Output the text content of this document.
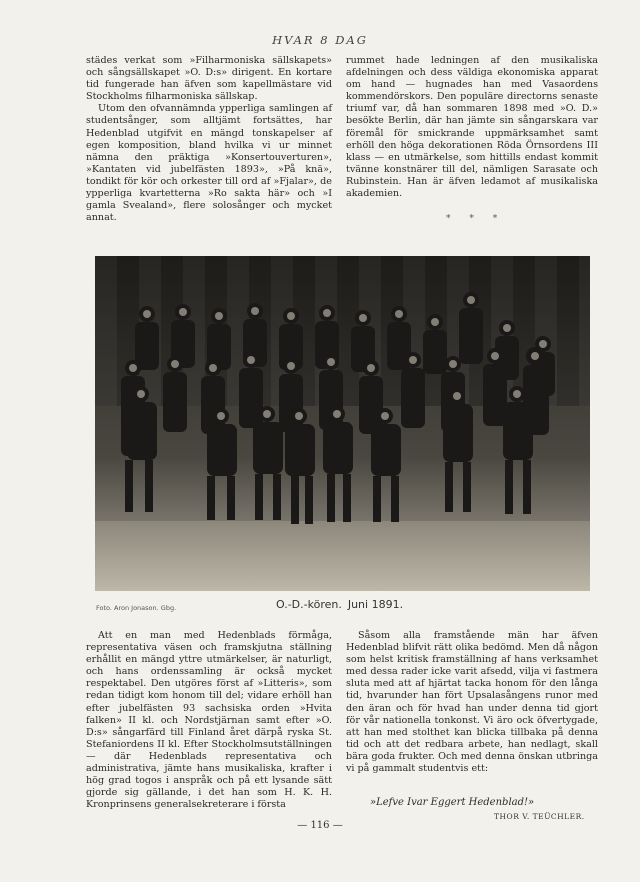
HVAR 8 DAG

städes verkat som »Filharmoniska sällskapets» och sångsällskapet »O. D:s» dirigent. En kortare tid fungerade han äfven som kapellmästare vid Stockholms filharmoniska sällskap.

Utom den ofvannämnda ypperliga samlingen af studentsånger, som alltjämt fortsättes, har Hedenblad utgifvit en mängd tonskapelser af egen komposition, bland hvilka vi ur minnet nämna den präktiga »Konsertouverturen», »Kantaten vid jubelfästen 1893», »På knä», tondikt för kör och orkester till ord af »Fjalar», de ypperliga kvartetterna »Ro sakta här» och »I gamla Svealand», flere solosånger och mycket annat.

rummet hade ledningen af den musikaliska afdelningen och dess väldiga ekonomiska apparat om hand — hugnades han med Vasaordens kommendörskors. Den populäre directorns senaste triumf var, då han sommaren 1898 med »O. D.» besökte Berlin, där han jämte sin sångarskara var föremål för smickrande uppmärksamhet samt erhöll den höga dekorationen Röda Örnsordens III klass — en utmärkelse, som hittills endast kommit tvänne konstnärer till del, nämligen Sarasate och Rubinstein. Han är äfven ledamot af musikaliska akademien.

* * *
Foto. Aron Jonason. Gbg.	O.-D.-kören. Juni 1891.

Att en man med Hedenblads förmåga, representativa väsen och framskjutna ställning erhållit en mängd yttre utmärkelser, är naturligt, och hans ordenssamling är också mycket respektabel. Den utgöres först af »Litteris», som redan tidigt kom honom till del; vidare erhöll han efter jubelfästen 93 sachsiska orden »Hvita falken» II kl. och Nordstjärnan samt efter »O. D:s» sångarfärd till Finland året därpå ryska St. Stefaniordens II kl. Efter Stockholmsutställningen — där Hedenblads representativa och administrativa, jämte hans musikaliska, krafter i hög grad togos i anspråk och på ett lysande sätt gjorde sig gällande, i det han som H. K. H. Kronprinsens generalsekreterare i första

Såsom alla framstående män har äfven Hedenblad blifvit rätt olika bedömd. Men då någon som helst kritisk framställning af hans verksamhet med dessa rader icke varit afsedd, vilja vi fastmera sluta med att af hjärtat tacka honom för den långa tid, hvarunder han fört Upsalasångens runor med den äran och för hvad han under denna tid gjort för vår nationella tonkonst. Vi äro ock öfvertygade, att han med stolthet kan blicka tillbaka på denna tid och att det redbara arbete, han nedlagt, skall bära goda frukter. Och med denna önskan utbringa vi på gammalt studentvis ett:

»Lefve Ivar Eggert Hedenblad!»
THOR V. TEÜCHLER.
— 116 —
